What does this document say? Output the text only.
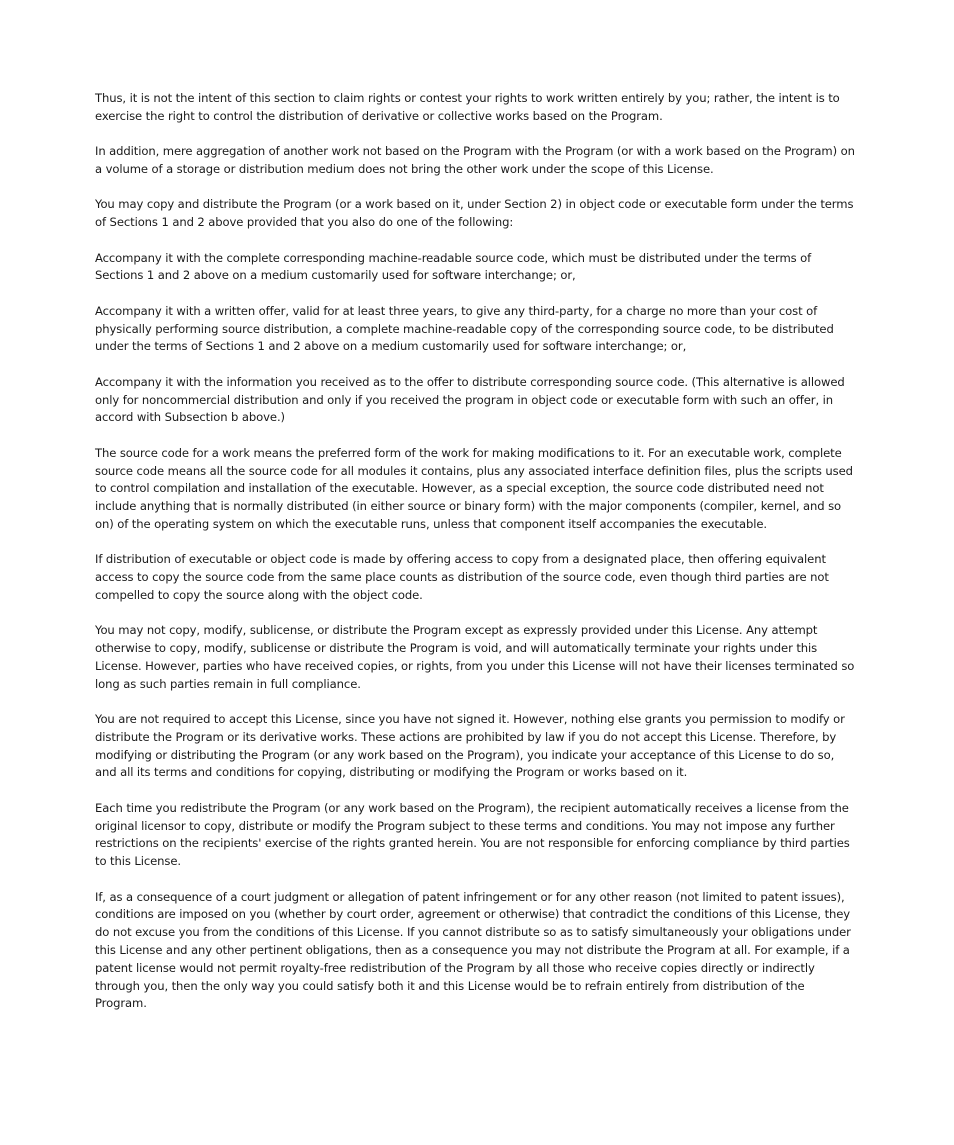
Thus, it is not the intent of this section to claim rights or contest your rights to work written entirely by you; rather, the intent is to exercise the right to control the distribution of derivative or collective works based on the Program.

In addition, mere aggregation of another work not based on the Program with the Program (or with a work based on the Program) on a volume of a storage or distribution medium does not bring the other work under the scope of this License.

You may copy and distribute the Program (or a work based on it, under Section 2) in object code or executable form under the terms of Sections 1 and 2 above provided that you also do one of the following:

Accompany it with the complete corresponding machine-readable source code, which must be distributed under the terms of Sections 1 and 2 above on a medium customarily used for software interchange; or,

Accompany it with a written offer, valid for at least three years, to give any third-party, for a charge no more than your cost of physically performing source distribution, a complete machine-readable copy of the corresponding source code, to be distributed under the terms of Sections 1 and 2 above on a medium customarily used for software interchange; or,

Accompany it with the information you received as to the offer to distribute corresponding source code. (This alternative is allowed only for noncommercial distribution and only if you received the program in object code or executable form with such an offer, in accord with Subsection b above.)

The source code for a work means the preferred form of the work for making modifications to it. For an executable work, complete source code means all the source code for all modules it contains, plus any associated interface definition files, plus the scripts used to control compilation and installation of the executable. However, as a special exception, the source code distributed need not include anything that is normally distributed (in either source or binary form) with the major components (compiler, kernel, and so on) of the operating system on which the executable runs, unless that component itself accompanies the executable.

If distribution of executable or object code is made by offering access to copy from a designated place, then offering equivalent access to copy the source code from the same place counts as distribution of the source code, even though third parties are not compelled to copy the source along with the object code.

You may not copy, modify, sublicense, or distribute the Program except as expressly provided under this License. Any attempt otherwise to copy, modify, sublicense or distribute the Program is void, and will automatically terminate your rights under this License. However, parties who have received copies, or rights, from you under this License will not have their licenses terminated so long as such parties remain in full compliance.

You are not required to accept this License, since you have not signed it. However, nothing else grants you permission to modify or distribute the Program or its derivative works. These actions are prohibited by law if you do not accept this License. Therefore, by modifying or distributing the Program (or any work based on the Program), you indicate your acceptance of this License to do so, and all its terms and conditions for copying, distributing or modifying the Program or works based on it.

Each time you redistribute the Program (or any work based on the Program), the recipient automatically receives a license from the original licensor to copy, distribute or modify the Program subject to these terms and conditions. You may not impose any further restrictions on the recipients' exercise of the rights granted herein. You are not responsible for enforcing compliance by third parties to this License.

If, as a consequence of a court judgment or allegation of patent infringement or for any other reason (not limited to patent issues), conditions are imposed on you (whether by court order, agreement or otherwise) that contradict the conditions of this License, they do not excuse you from the conditions of this License. If you cannot distribute so as to satisfy simultaneously your obligations under this License and any other pertinent obligations, then as a consequence you may not distribute the Program at all. For example, if a patent license would not permit royalty-free redistribution of the Program by all those who receive copies directly or indirectly through you, then the only way you could satisfy both it and this License would be to refrain entirely from distribution of the Program.
